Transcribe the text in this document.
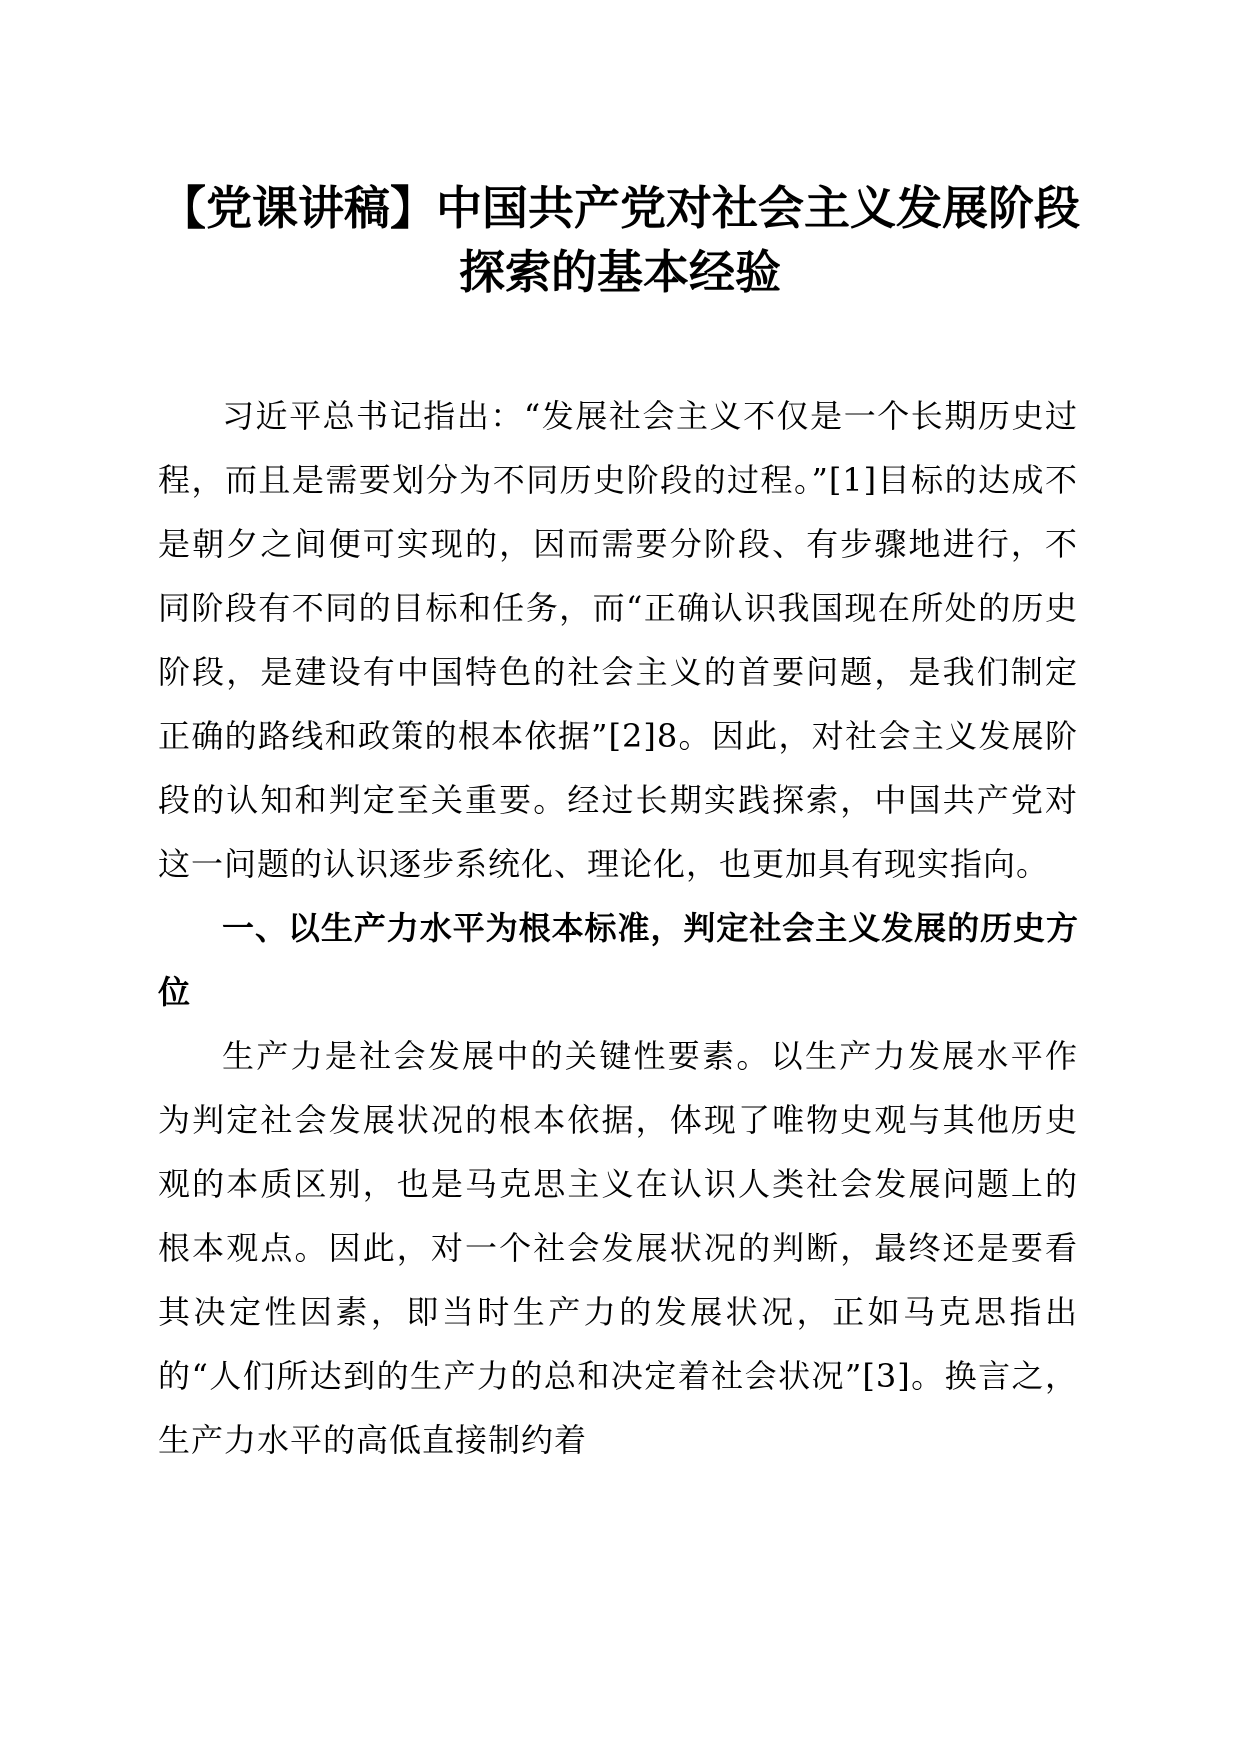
【党课讲稿】中国共产党对社会主义发展阶段
探索的基本经验

习近平总书记指出：“发展社会主义不仅是一个长期历史过程，而且是需要划分为不同历史阶段的过程。”[1]目标的达成不是朝夕之间便可实现的，因而需要分阶段、有步骤地进行，不同阶段有不同的目标和任务，而“正确认识我国现在所处的历史阶段，是建设有中国特色的社会主义的首要问题，是我们制定正确的路线和政策的根本依据”[2]8。因此，对社会主义发展阶段的认知和判定至关重要。经过长期实践探索，中国共产党对这一问题的认识逐步系统化、理论化，也更加具有现实指向。

一、以生产力水平为根本标准，判定社会主义发展的历史方位

生产力是社会发展中的关键性要素。以生产力发展水平作为判定社会发展状况的根本依据，体现了唯物史观与其他历史观的本质区别，也是马克思主义在认识人类社会发展问题上的根本观点。因此，对一个社会发展状况的判断，最终还是要看其决定性因素，即当时生产力的发展状况，正如马克思指出的“人们所达到的生产力的总和决定着社会状况”[3]。换言之，生产力水平的高低直接制约着
